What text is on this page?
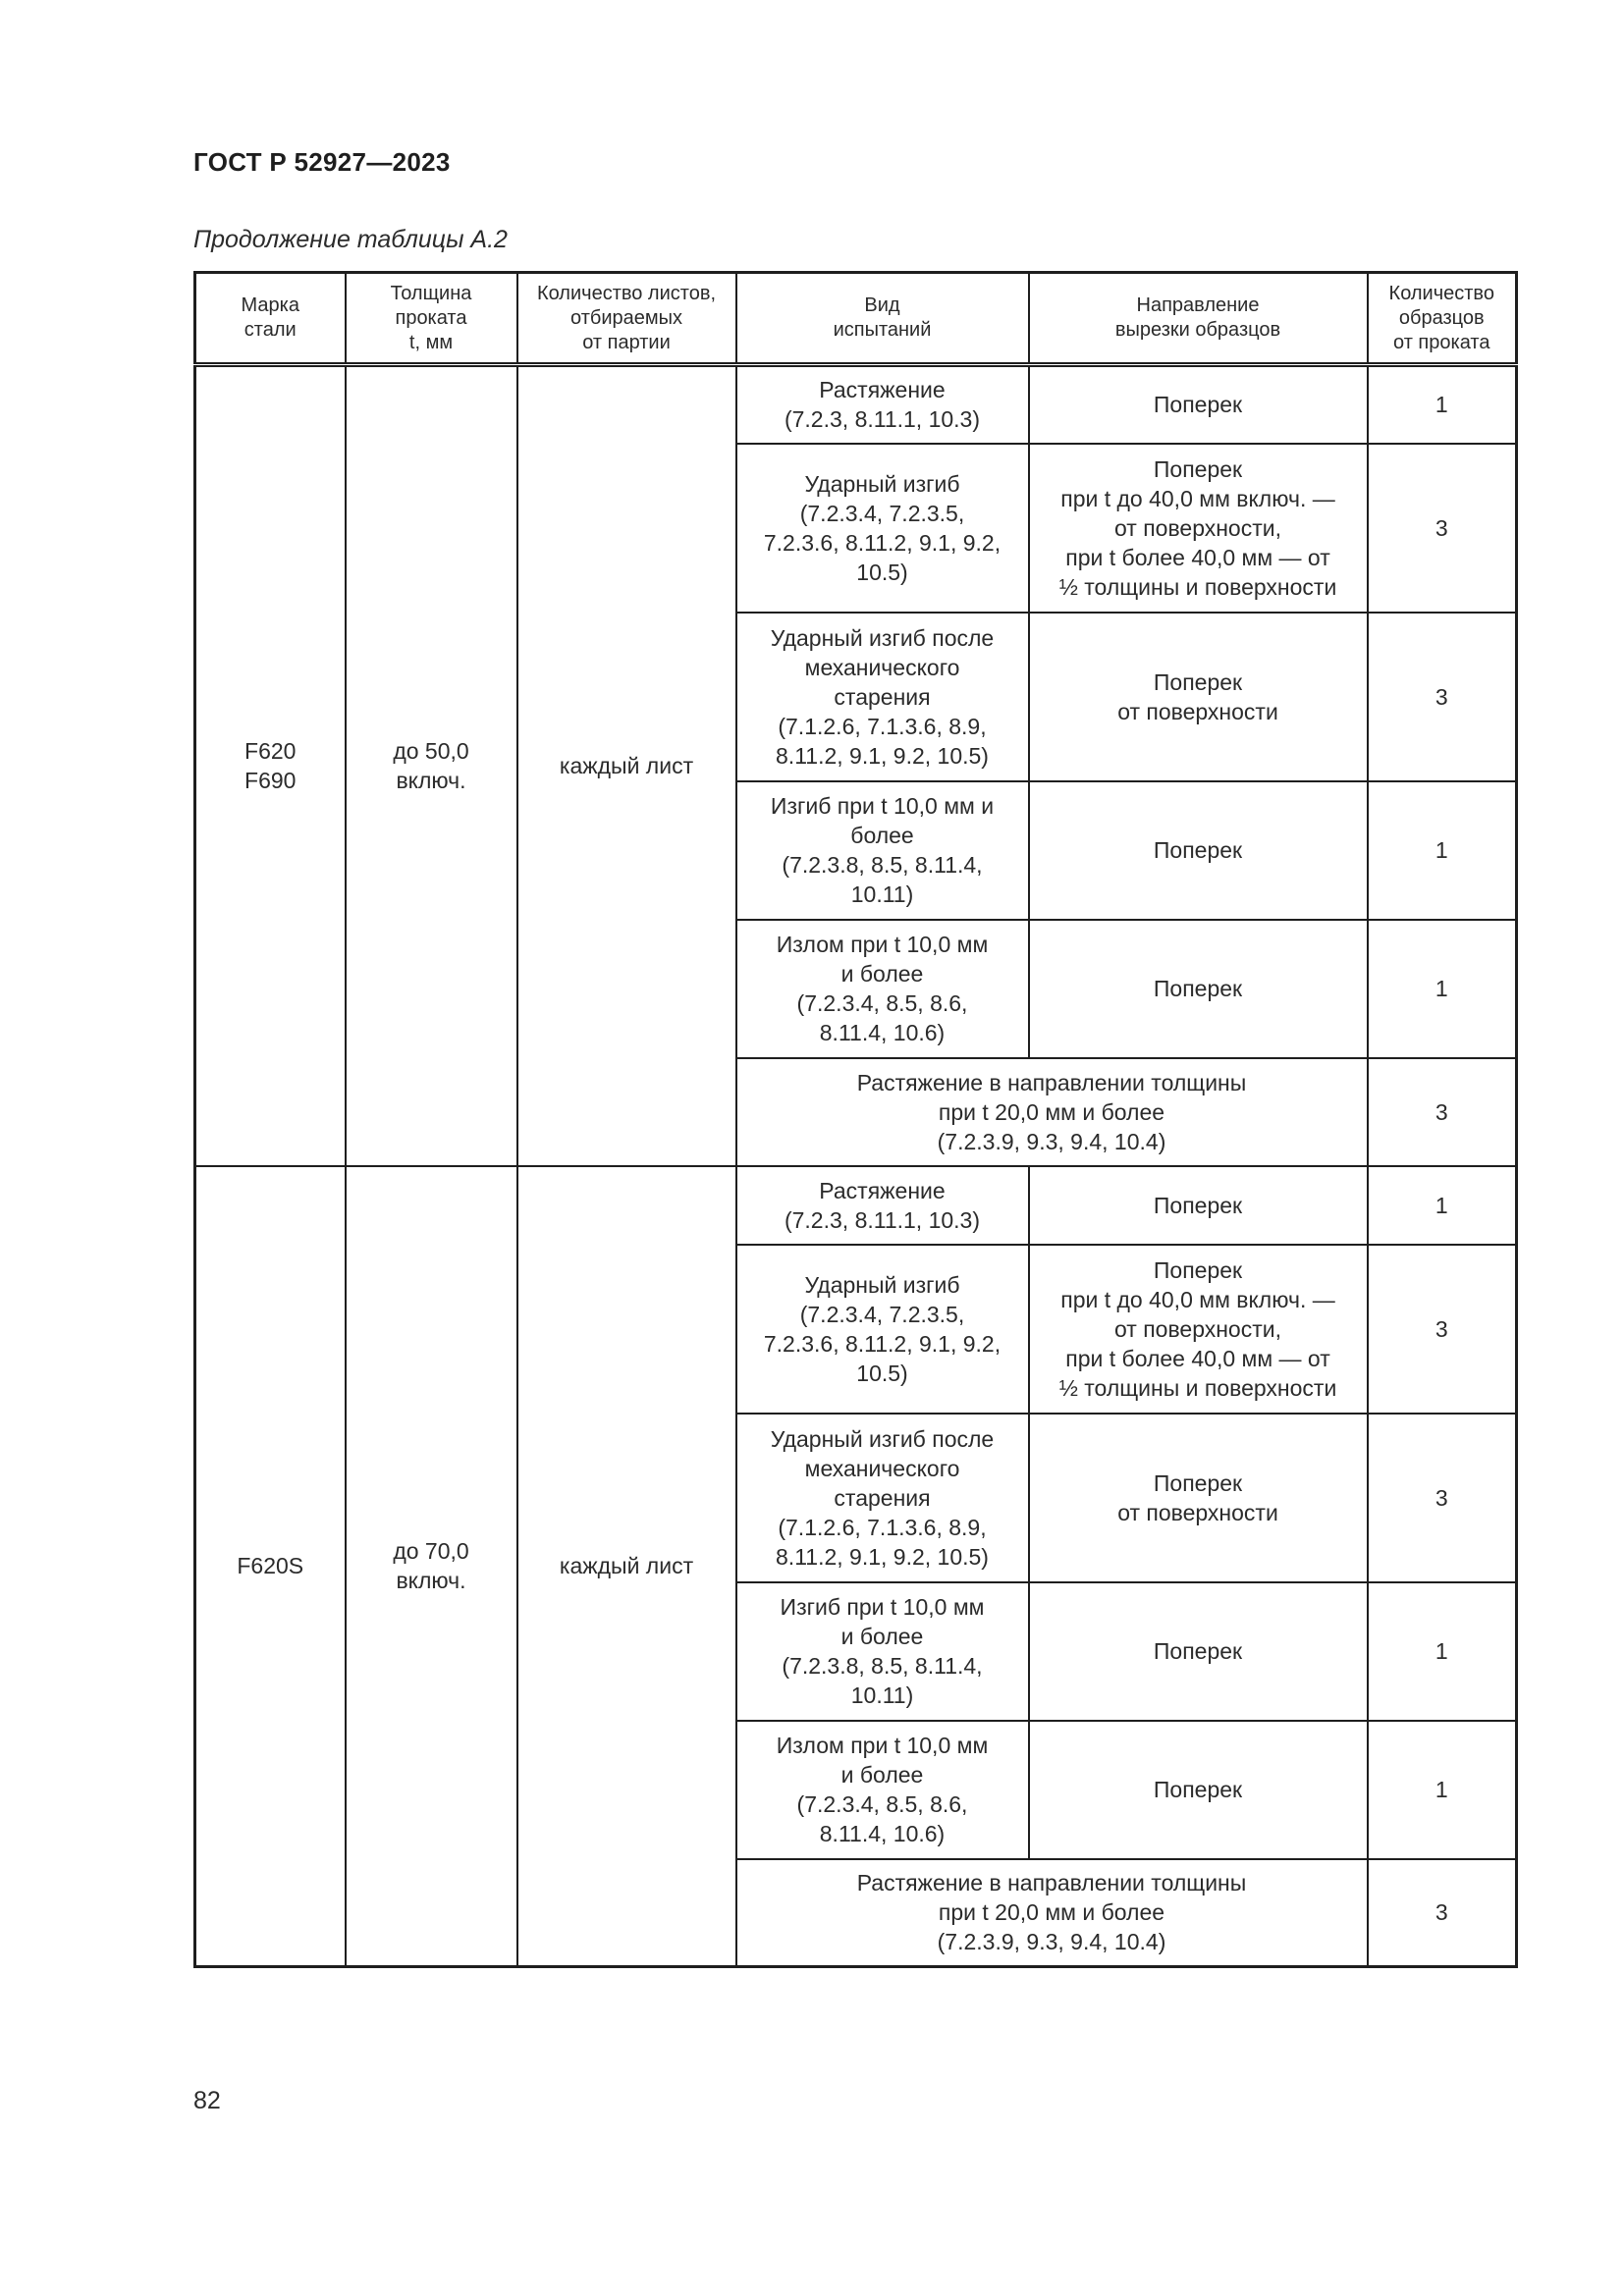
ГОСТ Р 52927—2023
Продолжение таблицы А.2
Марка
стали	Толщина
проката
t, мм	Количество листов,
отбираемых
от партии	Вид
испытаний	Направление
вырезки образцов	Количество
образцов
от проката
F620
F690	до 50,0
включ.	каждый лист	Растяжение
(7.2.3, 8.11.1, 10.3)	Поперек	1
			Ударный изгиб
(7.2.3.4, 7.2.3.5,
7.2.3.6, 8.11.2, 9.1, 9.2,
10.5)	Поперек
при t до 40,0 мм включ. —
от поверхности,
при t более 40,0 мм — от
½ толщины и поверхности	3
			Ударный изгиб после
механического
старения
(7.1.2.6, 7.1.3.6, 8.9,
8.11.2, 9.1, 9.2, 10.5)	Поперек
от поверхности	3
			Изгиб при t 10,0 мм и
более
(7.2.3.8, 8.5, 8.11.4,
10.11)	Поперек	1
			Излом при t 10,0 мм
и более
(7.2.3.4, 8.5, 8.6,
8.11.4, 10.6)	Поперек	1
			Растяжение в направлении толщины
при t 20,0 мм и более
(7.2.3.9, 9.3, 9.4, 10.4)		3
F620S	до 70,0
включ.	каждый лист	Растяжение
(7.2.3, 8.11.1, 10.3)	Поперек	1
			Ударный изгиб
(7.2.3.4, 7.2.3.5,
7.2.3.6, 8.11.2, 9.1, 9.2,
10.5)	Поперек
при t до 40,0 мм включ. —
от поверхности,
при t более 40,0 мм — от
½ толщины и поверхности	3
			Ударный изгиб после
механического
старения
(7.1.2.6, 7.1.3.6, 8.9,
8.11.2, 9.1, 9.2, 10.5)	Поперек
от поверхности	3
			Изгиб при t 10,0 мм
и более
(7.2.3.8, 8.5, 8.11.4,
10.11)	Поперек	1
			Излом при t 10,0 мм
и более
(7.2.3.4, 8.5, 8.6,
8.11.4, 10.6)	Поперек	1
			Растяжение в направлении толщины
при t 20,0 мм и более
(7.2.3.9, 9.3, 9.4, 10.4)		3
82
